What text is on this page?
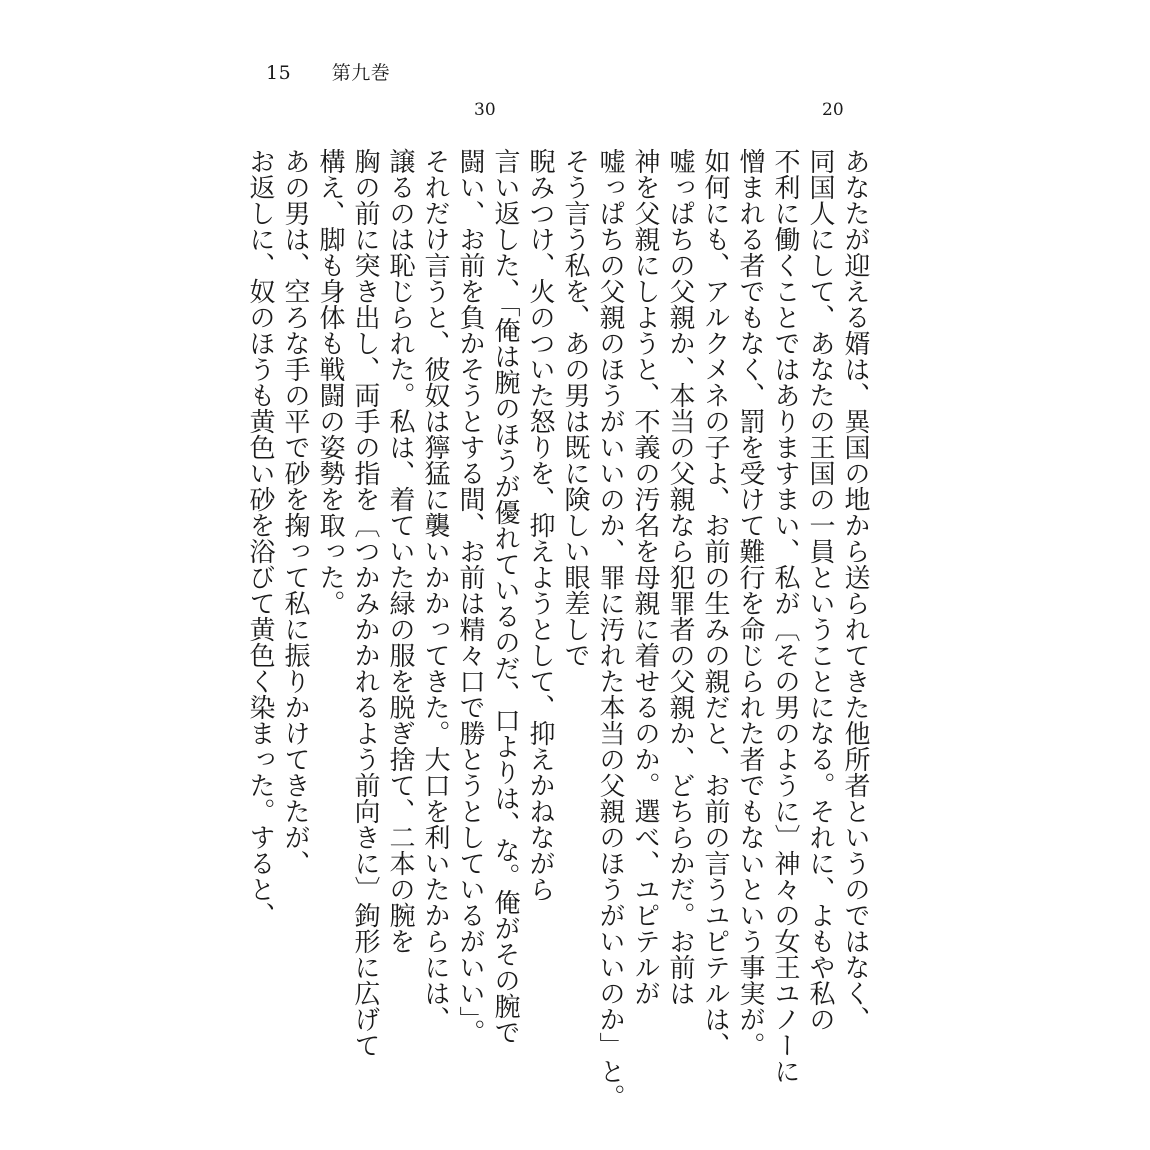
15 第九巻
20
30
あなたが迎える婿は、異国の地から送られてきた他所者というのではなく、
同国人にして、あなたの王国の一員ということになる。それに、よもや私の
不利に働くことではありますまい、私が〔その男のように〕神々の女王ユノーに
憎まれる者でもなく、罰を受けて難行を命じられた者でもないという事実が。
如何にも、アルクメネの子よ、お前の生みの親だと、お前の言うユピテルは、
嘘っぱちの父親か、本当の父親なら犯罪者の父親か、どちらかだ。お前は
神を父親にしようと、不義の汚名を母親に着せるのか。選べ、ユピテルが
嘘っぱちの父親のほうがいいのか、罪に汚れた本当の父親のほうがいいのか」と。
そう言う私を、あの男は既に険しい眼差しで
睨みつけ、火のついた怒りを、抑えようとして、抑えかねながら
言い返した、「俺は腕のほうが優れているのだ、口よりは、な。俺がその腕で
闘い、お前を負かそうとする間、お前は精々口で勝とうとしているがいい」。
それだけ言うと、彼奴は獰猛に襲いかかってきた。大口を利いたからには、
譲るのは恥じられた。私は、着ていた緑の服を脱ぎ捨て、二本の腕を
胸の前に突き出し、両手の指を〔つかみかかれるよう前向きに〕鉤形に広げて
構え、脚も身体も戦闘の姿勢を取った。
あの男は、空ろな手の平で砂を掬って私に振りかけてきたが、
お返しに、奴のほうも黄色い砂を浴びて黄色く染まった。すると、
